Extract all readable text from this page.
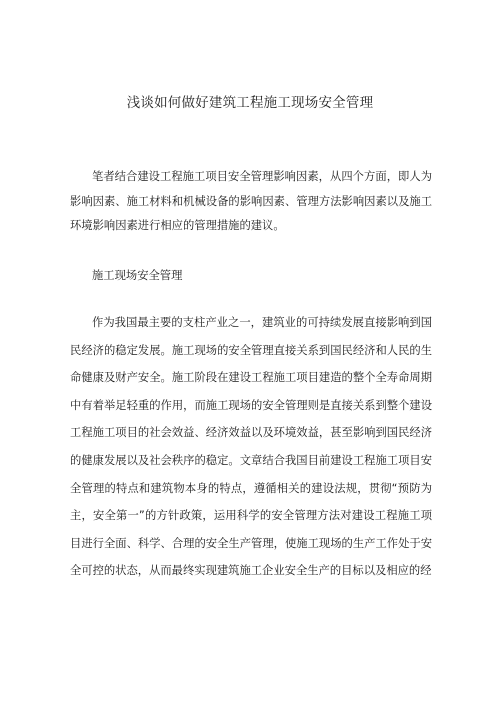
浅谈如何做好建筑工程施工现场安全管理

笔者结合建设工程施工项目安全管理影响因素，从四个方面，即人为影响因素、施工材料和机械设备的影响因素、管理方法影响因素以及施工环境影响因素进行相应的管理措施的建议。

施工现场安全管理

作为我国最主要的支柱产业之一，建筑业的可持续发展直接影响到国民经济的稳定发展。施工现场的安全管理直接关系到国民经济和人民的生命健康及财产安全。施工阶段在建设工程施工项目建造的整个全寿命周期中有着举足轻重的作用，而施工现场的安全管理则是直接关系到整个建设工程施工项目的社会效益、经济效益以及环境效益，甚至影响到国民经济的健康发展以及社会秩序的稳定。文章结合我国目前建设工程施工项目安全管理的特点和建筑物本身的特点，遵循相关的建设法规，贯彻“预防为主，安全第一”的方针政策，运用科学的安全管理方法对建设工程施工项目进行全面、科学、合理的安全生产管理，使施工现场的生产工作处于安全可控的状态，从而最终实现建筑施工企业安全生产的目标以及相应的经
